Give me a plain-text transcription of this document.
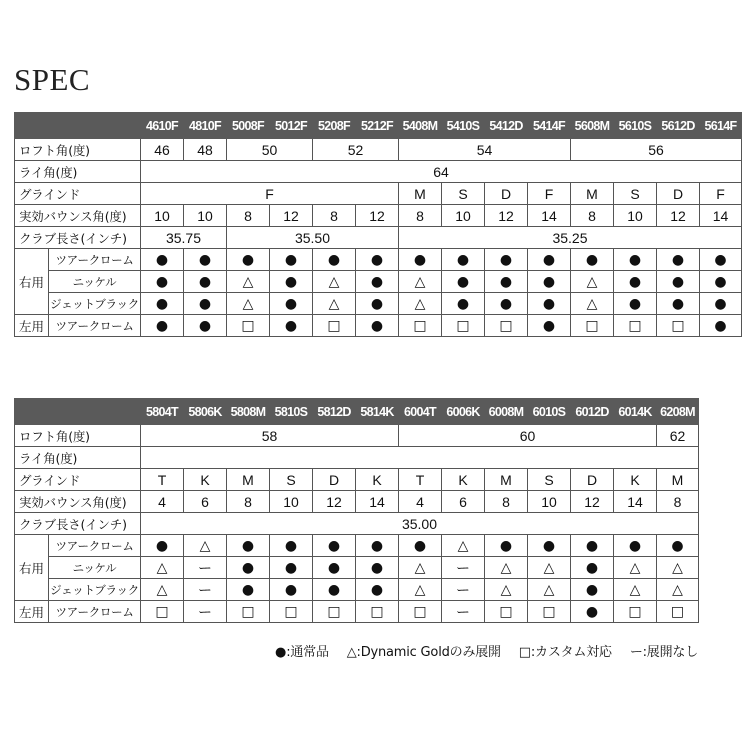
SPEC
		4610F	4810F	5008F	5012F	5208F	5212F	5408M	5410S	5412D	5414F	5608M	5610S	5612D	5614F
ロフト角(度)		46	48	50		52		54				56			
ライ角(度)		64													
グラインド		F						M	S	D	F	M	S	D	F
実効バウンス角(度)		10	10	8	12	8	12	8	10	12	14	8	10	12	14
クラブ長さ(インチ)		35.75		35.50				35.25							
右用	ツアークローム	●	●	●	●	●	●	●	●	●	●	●	●	●	●
	ニッケル	●	●	△	●	△	●	△	●	●	●	△	●	●	●
	ジェットブラック	●	●	△	●	△	●	△	●	●	●	△	●	●	●
左用	ツアークローム	●	●	□	●	□	●	□	□	□	●	□	□	□	●
		5804T	5806K	5808M	5810S	5812D	5814K	6004T	6006K	6008M	6010S	6012D	6014K	6208M
ロフト角(度)		58						60						62
ライ角(度)														
グラインド		T	K	M	S	D	K	T	K	M	S	D	K	M
実効バウンス角(度)		4	6	8	10	12	14	4	6	8	10	12	14	8
クラブ長さ(インチ)		35.00												
右用	ツアークローム	●	△	●	●	●	●	●	△	●	●	●	●	●
	ニッケル	△	ー	●	●	●	●	△	ー	△	△	●	△	△
	ジェットブラック	△	ー	●	●	●	●	△	ー	△	△	●	△	△
左用	ツアークローム	□	ー	□	□	□	□	□	ー	□	□	●	□	□
●:通常品 △:Dynamic Goldのみ展開 □:カスタム対応 ー:展開なし
